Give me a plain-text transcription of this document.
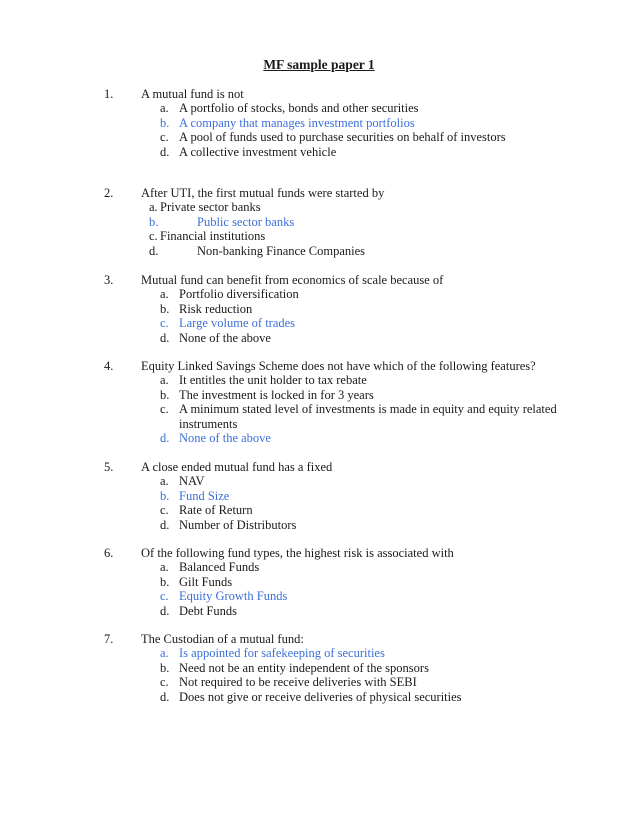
MF sample paper 1
1. A mutual fund is not
a. A portfolio of stocks, bonds and other securities
b. A company that manages investment portfolios
c. A pool of funds used to purchase securities on behalf of investors
d. A collective investment vehicle
2. After UTI, the first mutual funds were started by
a. Private sector banks
b.	Public sector banks
c. Financial institutions
d.	Non-banking Finance Companies
3. Mutual fund can benefit from economics of scale because of
a. Portfolio diversification
b. Risk reduction
c. Large volume of trades
d. None of the above
4. Equity Linked Savings Scheme does not have which of the following features?
a. It entitles the unit holder to tax rebate
b. The investment is locked in for 3 years
c. A minimum stated level of investments is made in equity and equity related instruments
d. None of the above
5. A close ended mutual fund has a fixed
a. NAV
b. Fund Size
c. Rate of Return
d. Number of Distributors
6. Of the following fund types, the highest risk is associated with
a. Balanced Funds
b. Gilt Funds
c. Equity Growth Funds
d. Debt Funds
7. The Custodian of a mutual fund:
a. Is appointed for safekeeping of securities
b. Need not be an entity independent of the sponsors
c. Not required to be receive deliveries with SEBI
d. Does not give or receive deliveries of physical securities
